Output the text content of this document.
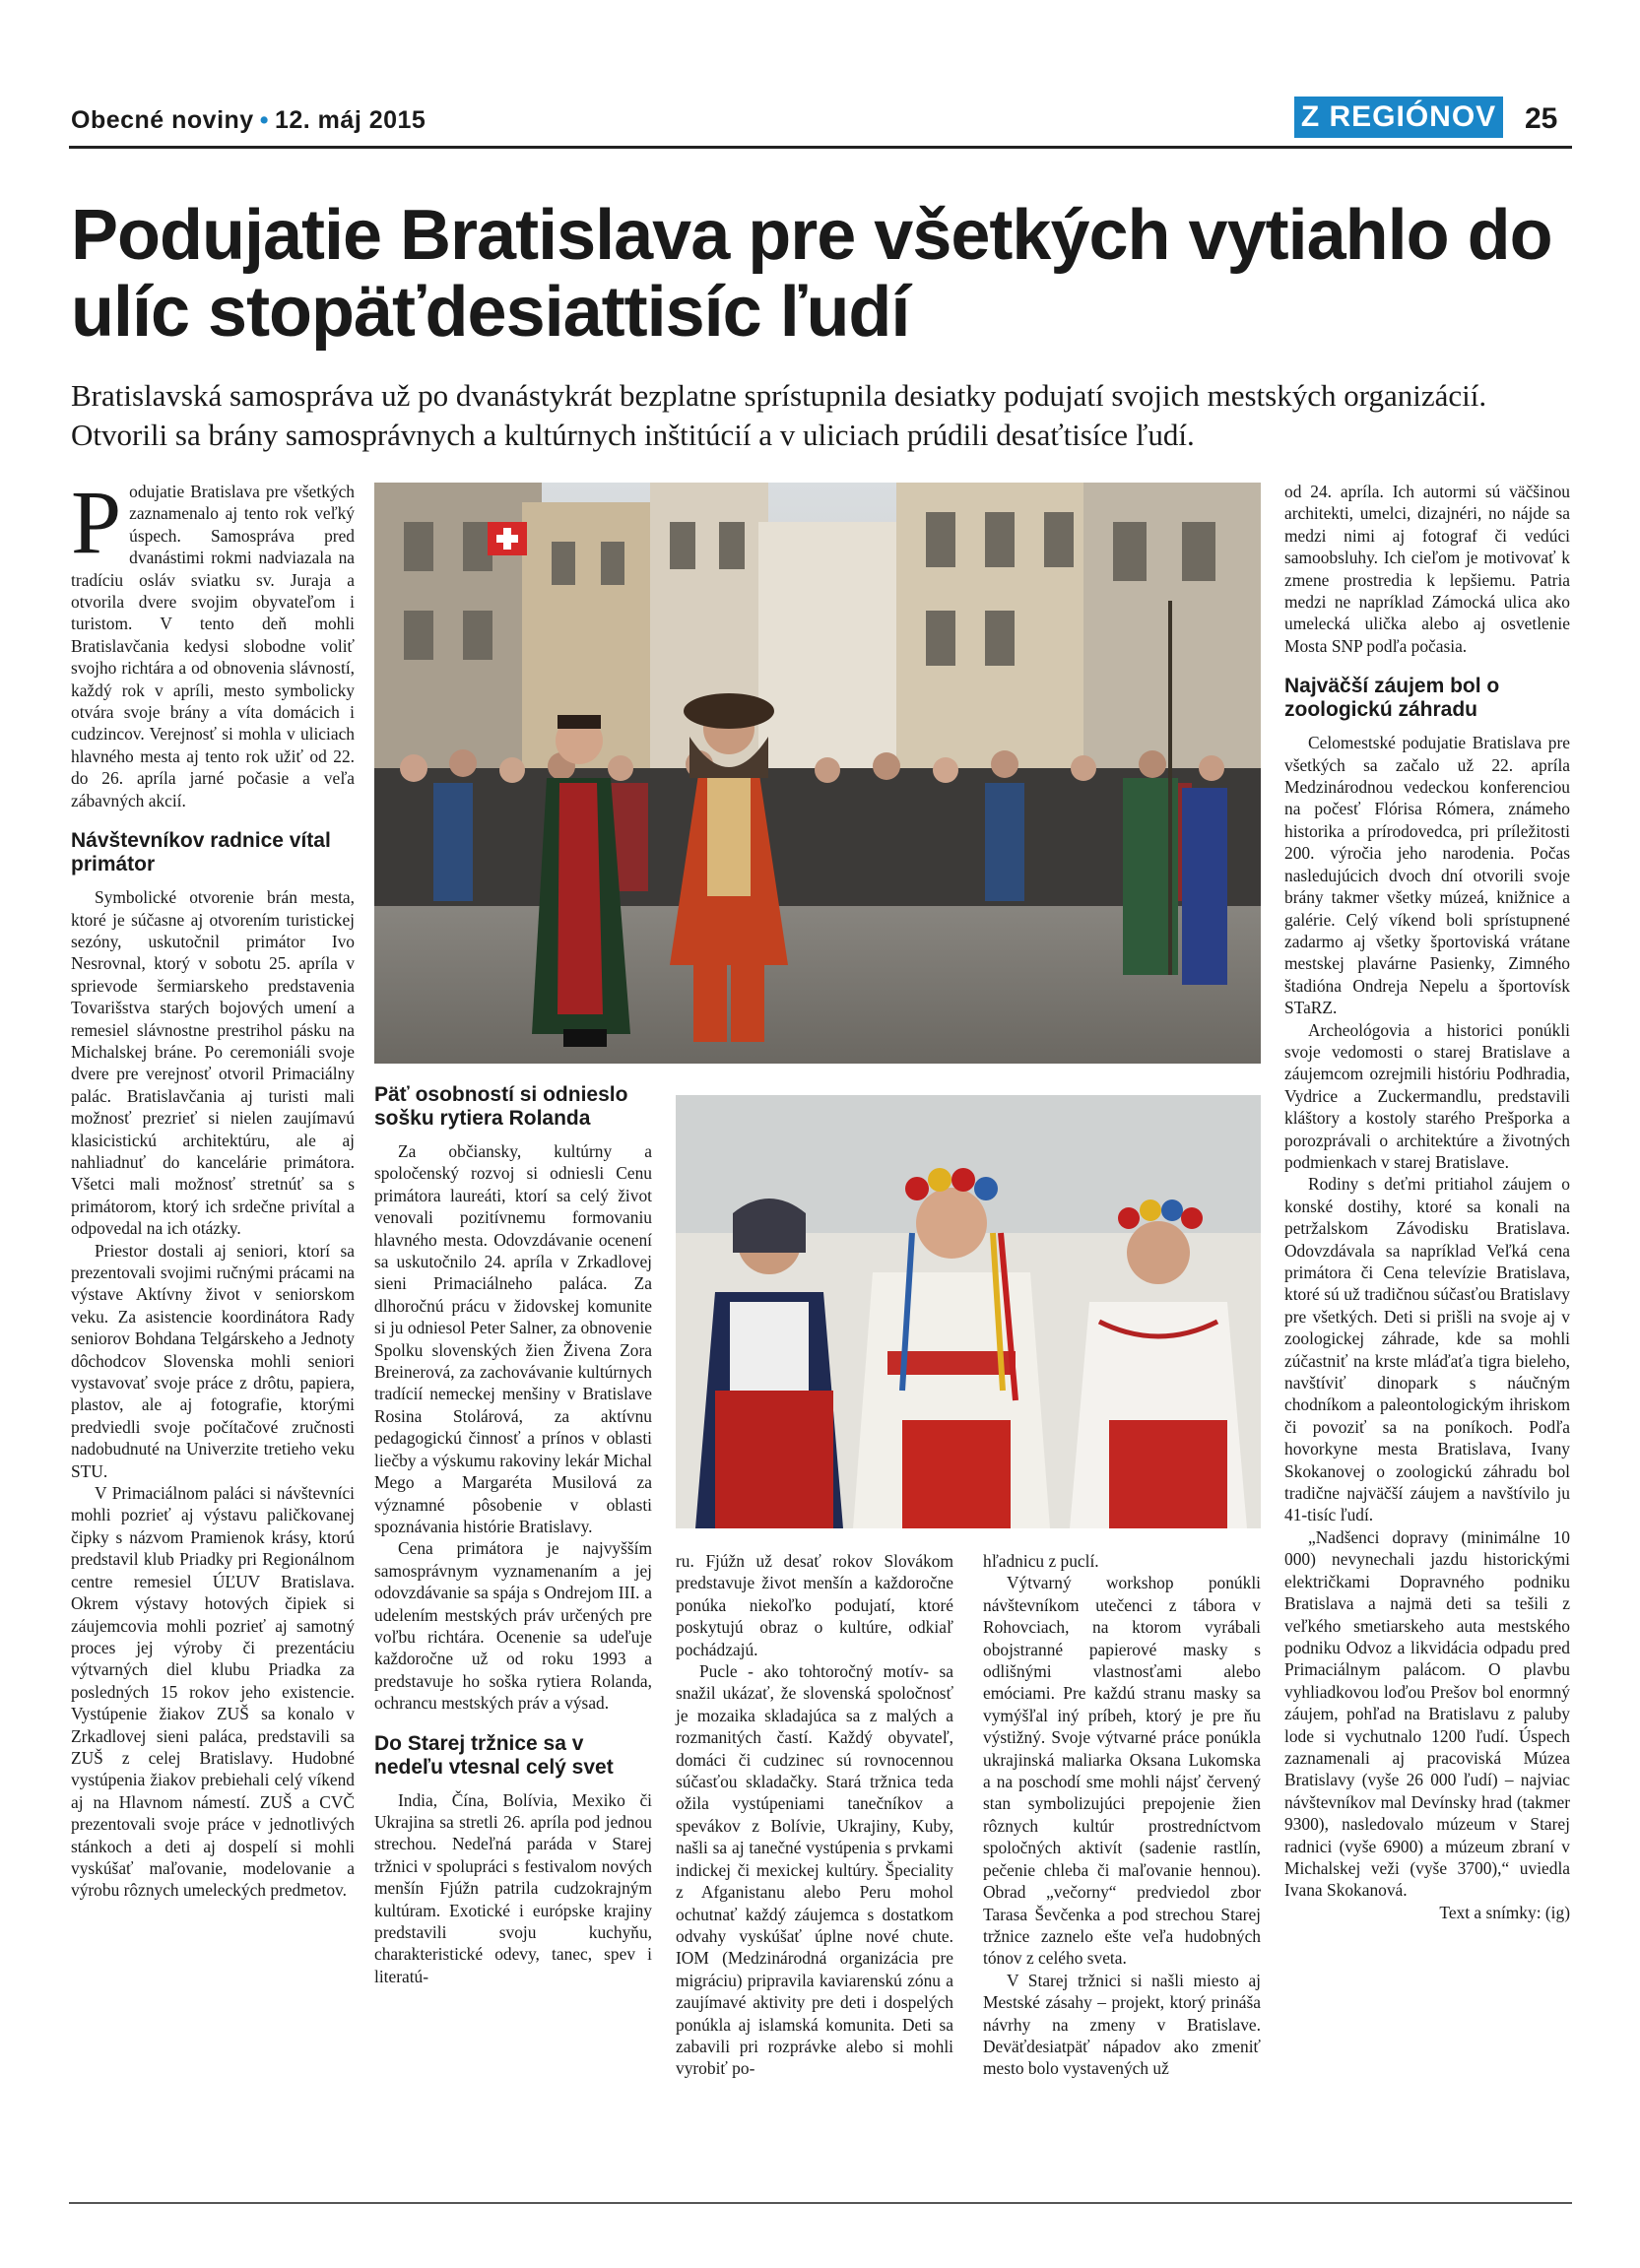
Obecné noviny • 12. máj 2015	Z REGIÓNOV 25
Podujatie Bratislava pre všetkých vytiahlo do ulíc stopäťdesiattisíc ľudí

Bratislavská samospráva už po dvanástykrát bezplatne sprístupnila desiatky podujatí svojich mestských organizácií. Otvorili sa brány samosprávnych a kultúrnych inštitúcií a v uliciach prúdili desaťtisíce ľudí.

Podujatie Bratislava pre všetkých zaznamenalo aj tento rok veľký úspech. Samospráva pred dvanástimi rokmi nadviazala na tradíciu osláv sviatku sv. Juraja a otvorila dvere svojim obyvateľom i turistom. V tento deň mohli Bratislavčania kedysi slobodne voliť svojho richtára a od obnovenia slávností, každý rok v apríli, mesto symbolicky otvára svoje brány a víta domácich i cudzincov. Verejnosť si mohla v uliciach hlavného mesta aj tento rok užiť od 22. do 26. apríla jarné počasie a veľa zábavných akcií.

Návštevníkov radnice vítal primátor

Symbolické otvorenie brán mesta, ktoré je súčasne aj otvorením turistickej sezóny, uskutočnil primátor Ivo Nesrovnal, ktorý v sobotu 25. apríla v sprievode šermiarskeho predstavenia Tovarišstva starých bojových umení a remesiel slávnostne prestrihol pásku na Michalskej bráne. Po ceremoniáli svoje dvere pre verejnosť otvoril Primaciálny palác. Bratislavčania aj turisti mali možnosť prezrieť si nielen zaujímavú klasicistickú architektúru, ale aj nahliadnuť do kancelárie primátora. Všetci mali možnosť stretnúť sa s primátorom, ktorý ich srdečne privítal a odpovedal na ich otázky.

Priestor dostali aj seniori, ktorí sa prezentovali svojimi ručnými prácami na výstave Aktívny život v seniorskom veku. Za asistencie koordinátora Rady seniorov Bohdana Telgárskeho a Jednoty dôchodcov Slovenska mohli seniori vystavovať svoje práce z drôtu, papiera, plastov, ale aj fotografie, ktorými predviedli svoje počítačové zručnosti nadobudnuté na Univerzite tretieho veku STU.

V Primaciálnom paláci si návštevníci mohli pozrieť aj výstavu paličkovanej čipky s názvom Pramienok krásy, ktorú predstavil klub Priadky pri Regionálnom centre remesiel ÚĽUV Bratislava. Okrem výstavy hotových čipiek si záujemcovia mohli pozrieť aj samotný proces jej výroby či prezentáciu výtvarných diel klubu Priadka za posledných 15 rokov jeho existencie. Vystúpenie žiakov ZUŠ sa konalo v Zrkadlovej sieni paláca, predstavili sa ZUŠ z celej Bratislavy. Hudobné vystúpenia žiakov prebiehali celý víkend aj na Hlavnom námestí. ZUŠ a CVČ prezentovali svoje práce v jednotlivých stánkoch a deti aj dospelí si mohli vyskúšať maľovanie, modelovanie a výrobu rôznych umeleckých predmetov.

Päť osobností si odnieslo sošku rytiera Rolanda

Za občiansky, kultúrny a spoločenský rozvoj si odniesli Cenu primátora laureáti, ktorí sa celý život venovali pozitívnemu formovaniu hlavného mesta. Odovzdávanie ocenení sa uskutočnilo 24. apríla v Zrkadlovej sieni Primaciálneho paláca. Za dlhoročnú prácu v židovskej komunite si ju odniesol Peter Salner, za obnovenie Spolku slovenských žien Živena Zora Breinerová, za zachovávanie kultúrnych tradícií nemeckej menšiny v Bratislave Rosina Stolárová, za aktívnu pedagogickú činnosť a prínos v oblasti liečby a výskumu rakoviny lekár Michal Mego a Margaréta Musilová za významné pôsobenie v oblasti spoznávania histórie Bratislavy.

Cena primátora je najvyšším samosprávnym vyznamenaním a jej odovzdávanie sa spája s Ondrejom III. a udelením mestských práv určených pre voľbu richtára. Ocenenie sa udeľuje každoročne už od roku 1993 a predstavuje ho soška rytiera Rolanda, ochrancu mestských práv a výsad.

Do Starej tržnice sa v nedeľu vtesnal celý svet

India, Čína, Bolívia, Mexiko či Ukrajina sa stretli 26. apríla pod jednou strechou. Nedeľná paráda v Starej tržnici v spolupráci s festivalom nových menšín Fjúžn patrila cudzokrajným kultúram. Exotické i európske krajiny predstavili svoju kuchyňu, charakteristické odevy, tanec, spev i literatú-

ru. Fjúžn už desať rokov Slovákom predstavuje život menšín a každoročne ponúka niekoľko podujatí, ktoré poskytujú obraz o kultúre, odkiaľ pochádzajú.

Pucle - ako tohtoročný motív- sa snažil ukázať, že slovenská spoločnosť je mozaika skladajúca sa z malých a rozmanitých častí. Každý obyvateľ, domáci či cudzinec sú rovnocennou súčasťou skladačky. Stará tržnica teda ožila vystúpeniami tanečníkov a spevákov z Bolívie, Ukrajiny, Kuby, našli sa aj tanečné vystúpenia s prvkami indickej či mexickej kultúry. Špeciality z Afganistanu alebo Peru mohol ochutnať každý záujemca s dostatkom odvahy vyskúšať úplne nové chute. IOM (Medzinárodná organizácia pre migráciu) pripravila kaviarenskú zónu a zaujímavé aktivity pre deti i dospelých ponúkla aj islamská komunita. Deti sa zabavili pri rozprávke alebo si mohli vyrobiť po-

hľadnicu z puclí.

Výtvarný workshop ponúkli návštevníkom utečenci z tábora v Rohovciach, na ktorom vyrábali obojstranné papierové masky s odlišnými vlastnosťami alebo emóciami. Pre každú stranu masky sa vymýšľal iný príbeh, ktorý je pre ňu výstižný. Svoje výtvarné práce ponúkla ukrajinská maliarka Oksana Lukomska a na poschodí sme mohli nájsť červený stan symbolizujúci prepojenie žien rôznych kultúr prostredníctvom spoločných aktivít (sadenie rastlín, pečenie chleba či maľovanie hennou). Obrad „večorny“ predviedol zbor Tarasa Ševčenka a pod strechou Starej tržnice zaznelo ešte veľa hudobných tónov z celého sveta.

V Starej tržnici si našli miesto aj Mestské zásahy – projekt, ktorý prináša návrhy na zmeny v Bratislave. Deväťdesiatpäť nápadov ako zmeniť mesto bolo vystavených už

od 24. apríla. Ich autormi sú väčšinou architekti, umelci, dizajnéri, no nájde sa medzi nimi aj fotograf či vedúci samoobsluhy. Ich cieľom je motivovať k zmene prostredia k lepšiemu. Patria medzi ne napríklad Zámocká ulica ako umelecká ulička alebo aj osvetlenie Mosta SNP podľa počasia.

Najväčší záujem bol o zoologickú záhradu

Celomestské podujatie Bratislava pre všetkých sa začalo už 22. apríla Medzinárodnou vedeckou konferenciou na počesť Flórisa Rómera, známeho historika a prírodovedca, pri príležitosti 200. výročia jeho narodenia. Počas nasledujúcich dvoch dní otvorili svoje brány takmer všetky múzeá, knižnice a galérie. Celý víkend boli sprístupnené zadarmo aj všetky športoviská vrátane mestskej plavárne Pasienky, Zimného štadióna Ondreja Nepelu a športovísk STaRZ.

Archeológovia a historici ponúkli svoje vedomosti o starej Bratislave a záujemcom ozrejmili históriu Podhradia, Vydrice a Zuckermandlu, predstavili kláštory a kostoly starého Prešporka a porozprávali o architektúre a životných podmienkach v starej Bratislave.

Rodiny s deťmi pritiahol záujem o konské dostihy, ktoré sa konali na petržalskom Závodisku Bratislava. Odovzdávala sa napríklad Veľká cena primátora či Cena televízie Bratislava, ktoré sú už tradičnou súčasťou Bratislavy pre všetkých. Deti si prišli na svoje aj v zoologickej záhrade, kde sa mohli zúčastniť na krste mláďaťa tigra bieleho, navštíviť dinopark s náučným chodníkom a paleontologickým ihriskom či povoziť sa na poníkoch. Podľa hovorkyne mesta Bratislava, Ivany Skokanovej o zoologickú záhradu bol tradične najväčší záujem a navštívilo ju 41-tisíc ľudí.

„Nadšenci dopravy (minimálne 10 000) nevynechali jazdu historickými električkami Dopravného podniku Bratislava a najmä deti sa tešili z veľkého smetiarskeho auta mestského podniku Odvoz a likvidácia odpadu pred Primaciálnym palácom. O plavbu vyhliadkovou loďou Prešov bol enormný záujem, pohľad na Bratislavu z paluby lode si vychutnalo 1200 ľudí. Úspech zaznamenali aj pracoviská Múzea Bratislavy (vyše 26 000 ľudí) – najviac návštevníkov mal Devínsky hrad (takmer 9300), nasledovalo múzeum v Starej radnici (vyše 6900) a múzeum zbraní v Michalskej veži (vyše 3700),“ uviedla Ivana Skokanová.

Text a snímky: (ig)
